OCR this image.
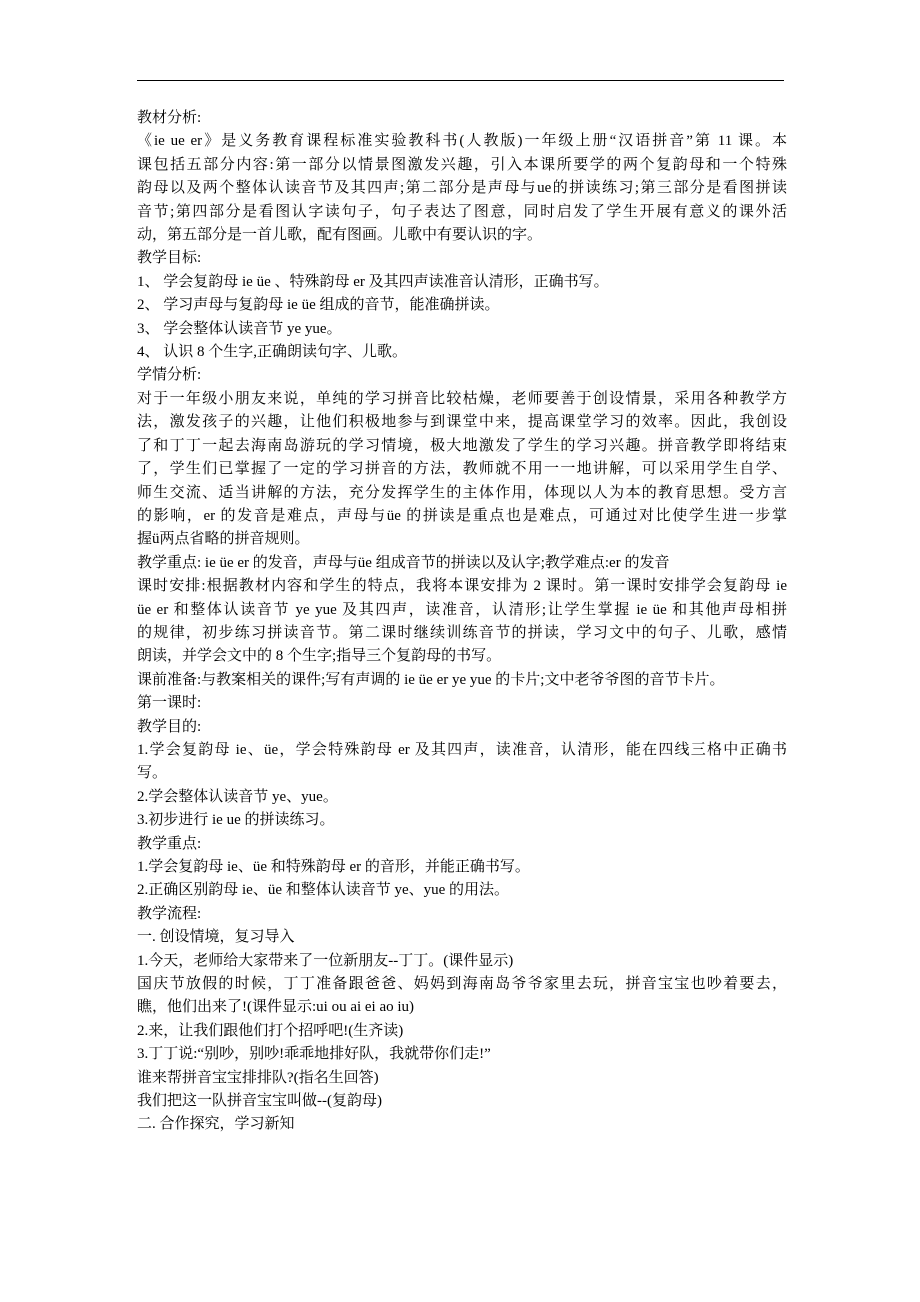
教材分析:

《ie ue er》是义务教育课程标准实验教科书(人教版)一年级上册“汉语拼音”第 11 课。本

课包括五部分内容:第一部分以情景图激发兴趣，引入本课所要学的两个复韵母和一个特殊

韵母以及两个整体认读音节及其四声;第二部分是声母与ue的拼读练习;第三部分是看图拼读

音节;第四部分是看图认字读句子，句子表达了图意，同时启发了学生开展有意义的课外活

动，第五部分是一首儿歌，配有图画。儿歌中有要认识的字。

教学目标:

1、 学会复韵母 ie üe 、特殊韵母 er 及其四声读准音认清形，正确书写。

2、 学习声母与复韵母 ie üe 组成的音节，能准确拼读。

3、 学会整体认读音节 ye yue。

4、 认识 8 个生字,正确朗读句字、儿歌。

学情分析:

对于一年级小朋友来说，单纯的学习拼音比较枯燥，老师要善于创设情景，采用各种教学方

法，激发孩子的兴趣，让他们积极地参与到课堂中来，提高课堂学习的效率。因此，我创设

了和丁丁一起去海南岛游玩的学习情境，极大地激发了学生的学习兴趣。拼音教学即将结束

了，学生们已掌握了一定的学习拼音的方法，教师就不用一一地讲解，可以采用学生自学、

师生交流、适当讲解的方法，充分发挥学生的主体作用，体现以人为本的教育思想。受方言

的影响，er 的发音是难点，声母与üe 的拼读是重点也是难点，可通过对比使学生进一步掌

握ü两点省略的拼音规则。

教学重点: ie üe er 的发音，声母与üe 组成音节的拼读以及认字;教学难点:er 的发音

课时安排:根据教材内容和学生的特点，我将本课安排为 2 课时。第一课时安排学会复韵母 ie

üe er 和整体认读音节 ye yue 及其四声，读准音，认清形;让学生掌握 ie üe 和其他声母相拼

的规律，初步练习拼读音节。第二课时继续训练音节的拼读，学习文中的句子、儿歌，感情

朗读，并学会文中的 8 个生字;指导三个复韵母的书写。

课前准备:与教案相关的课件;写有声调的 ie üe er ye yue 的卡片;文中老爷爷图的音节卡片。

第一课时:

教学目的:

1.学会复韵母 ie、üe，学会特殊韵母 er 及其四声，读准音，认清形，能在四线三格中正确书

写。

2.学会整体认读音节 ye、yue。

3.初步进行 ie ue 的拼读练习。

教学重点:

1.学会复韵母 ie、üe 和特殊韵母 er 的音形，并能正确书写。

2.正确区别韵母 ie、üe 和整体认读音节 ye、yue 的用法。

教学流程:

一. 创设情境，复习导入

1.今天，老师给大家带来了一位新朋友--丁丁。(课件显示)

国庆节放假的时候，丁丁准备跟爸爸、妈妈到海南岛爷爷家里去玩，拼音宝宝也吵着要去，

瞧，他们出来了!(课件显示:ui ou ai ei ao iu)

2.来，让我们跟他们打个招呼吧!(生齐读)

3.丁丁说:“别吵，别吵!乖乖地排好队，我就带你们走!”

谁来帮拼音宝宝排排队?(指名生回答)

我们把这一队拼音宝宝叫做--(复韵母)

二. 合作探究，学习新知
